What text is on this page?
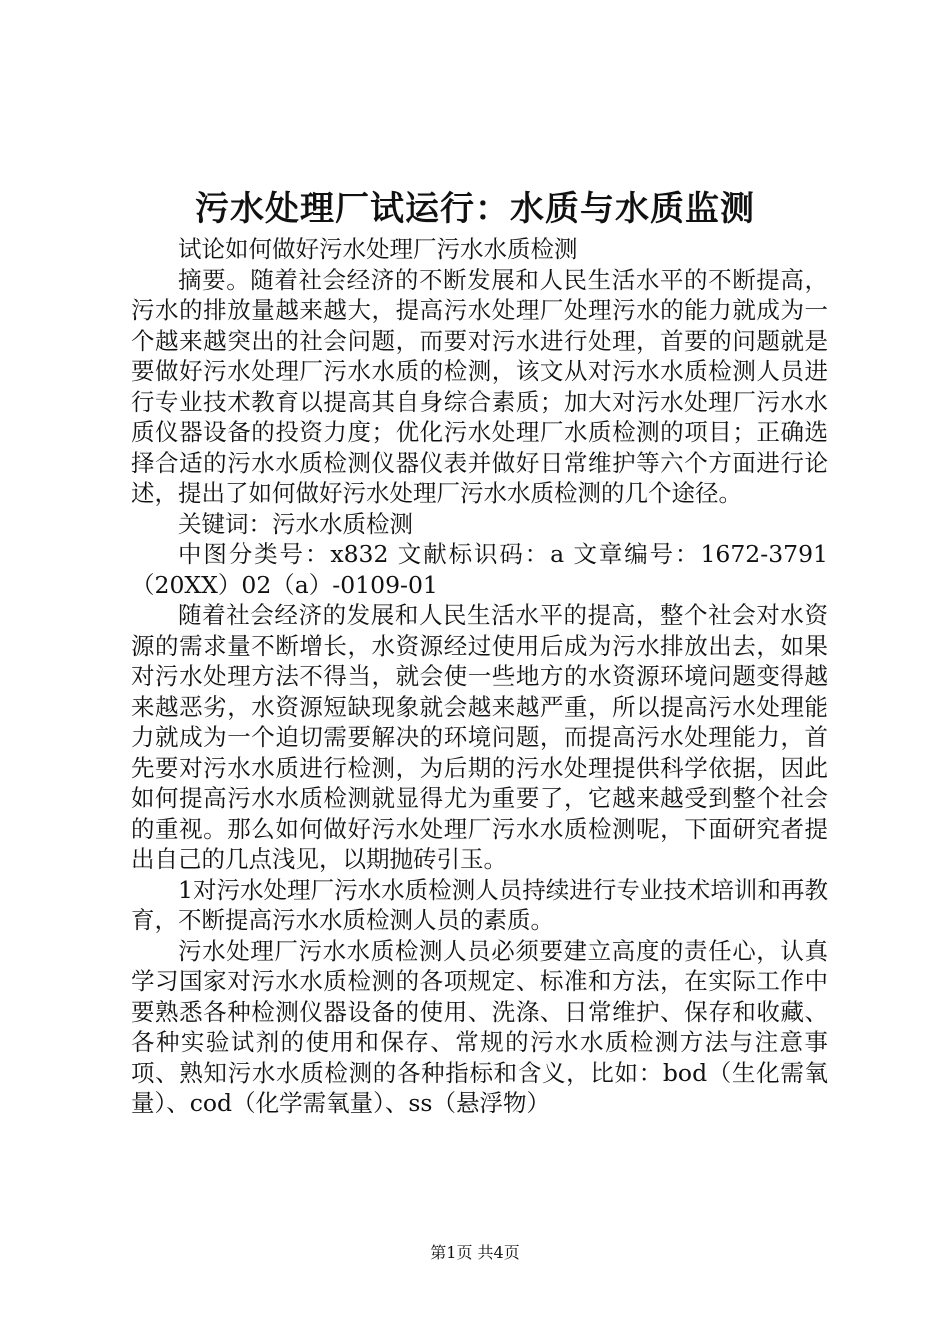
污水处理厂试运行：水质与水质监测

试论如何做好污水处理厂污水水质检测

摘要。随着社会经济的不断发展和人民生活水平的不断提高，污水的排放量越来越大，提高污水处理厂处理污水的能力就成为一个越来越突出的社会问题，而要对污水进行处理，首要的问题就是要做好污水处理厂污水水质的检测，该文从对污水水质检测人员进行专业技术教育以提高其自身综合素质；加大对污水处理厂污水水质仪器设备的投资力度；优化污水处理厂水质检测的项目；正确选择合适的污水水质检测仪器仪表并做好日常维护等六个方面进行论述，提出了如何做好污水处理厂污水水质检测的几个途径。

关键词：污水水质检测

中图分类号：x832 文献标识码：a 文章编号：1672-3791（20XX）02（a）-0109-01

随着社会经济的发展和人民生活水平的提高，整个社会对水资源的需求量不断增长，水资源经过使用后成为污水排放出去，如果对污水处理方法不得当，就会使一些地方的水资源环境问题变得越来越恶劣，水资源短缺现象就会越来越严重，所以提高污水处理能力就成为一个迫切需要解决的环境问题，而提高污水处理能力，首先要对污水水质进行检测，为后期的污水处理提供科学依据，因此如何提高污水水质检测就显得尤为重要了，它越来越受到整个社会的重视。那么如何做好污水处理厂污水水质检测呢，下面研究者提出自己的几点浅见，以期抛砖引玉。

1对污水处理厂污水水质检测人员持续进行专业技术培训和再教育，不断提高污水水质检测人员的素质。

污水处理厂污水水质检测人员必须要建立高度的责任心，认真学习国家对污水水质检测的各项规定、标准和方法，在实际工作中要熟悉各种检测仪器设备的使用、洗涤、日常维护、保存和收藏、各种实验试剂的使用和保存、常规的污水水质检测方法与注意事项、熟知污水水质检测的各种指标和含义，比如：bod（生化需氧量）、cod（化学需氧量）、ss（悬浮物）

第1页 共4页
